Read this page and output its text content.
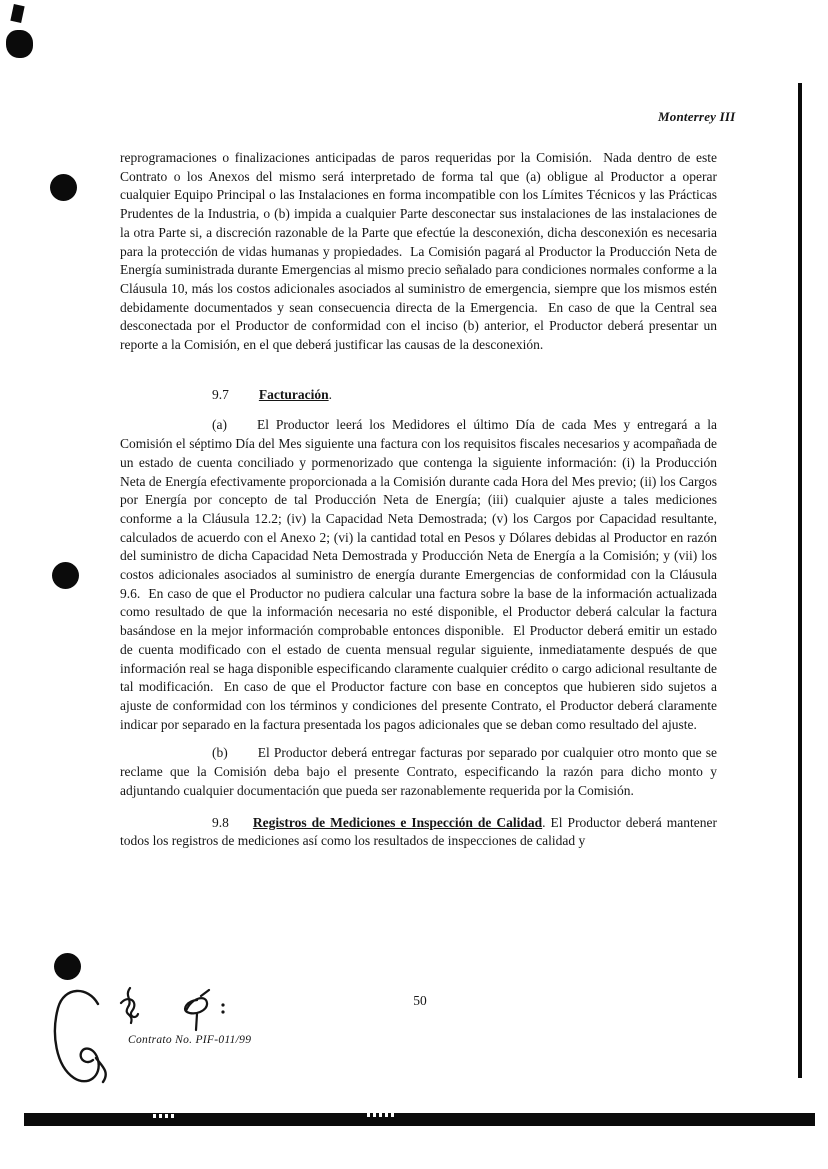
Monterrey III

reprogramaciones o finalizaciones anticipadas de paros requeridas por la Comisión.  Nada dentro de este Contrato o los Anexos del mismo será interpretado de forma tal que (a) obligue al Productor a operar cualquier Equipo Principal o las Instalaciones en forma incompatible con los Límites Técnicos y las Prácticas Prudentes de la Industria, o (b) impida a cualquier Parte desconectar sus instalaciones de las instalaciones de la otra Parte si, a discreción razonable de la Parte que efectúe la desconexión, dicha desconexión es necesaria para la protección de vidas humanas y propiedades.  La Comisión pagará al Productor la Producción Neta de Energía suministrada durante Emergencias al mismo precio señalado para condiciones normales conforme a la Cláusula 10, más los costos adicionales asociados al suministro de emergencia, siempre que los mismos estén debidamente documentados y sean consecuencia directa de la Emergencia.  En caso de que la Central sea desconectada por el Productor de conformidad con el inciso (b) anterior, el Productor deberá presentar un reporte a la Comisión, en el que deberá justificar las causas de la desconexión.

9.7 Facturación.

(a) El Productor leerá los Medidores el último Día de cada Mes y entregará a la Comisión el séptimo Día del Mes siguiente una factura con los requisitos fiscales necesarios y acompañada de un estado de cuenta conciliado y pormenorizado que contenga la siguiente información: (i) la Producción Neta de Energía efectivamente proporcionada a la Comisión durante cada Hora del Mes previo; (ii) los Cargos por Energía por concepto de tal Producción Neta de Energía; (iii) cualquier ajuste a tales mediciones conforme a la Cláusula 12.2; (iv) la Capacidad Neta Demostrada; (v) los Cargos por Capacidad resultante, calculados de acuerdo con el Anexo 2; (vi) la cantidad total en Pesos y Dólares debidas al Productor en razón del suministro de dicha Capacidad Neta Demostrada y Producción Neta de Energía a la Comisión; y (vii) los costos adicionales asociados al suministro de energía durante Emergencias de conformidad con la Cláusula 9.6.  En caso de que el Productor no pudiera calcular una factura sobre la base de la información actualizada como resultado de que la información necesaria no esté disponible, el Productor deberá calcular la factura basándose en la mejor información comprobable entonces disponible.  El Productor deberá emitir un estado de cuenta modificado con el estado de cuenta mensual regular siguiente, inmediatamente después de que información real se haga disponible especificando claramente cualquier crédito o cargo adicional resultante de tal modificación.  En caso de que el Productor facture con base en conceptos que hubieren sido sujetos a ajuste de conformidad con los términos y condiciones del presente Contrato, el Productor deberá claramente indicar por separado en la factura presentada los pagos adicionales que se deban como resultado del ajuste.

(b) El Productor deberá entregar facturas por separado por cualquier otro monto que se reclame que la Comisión deba bajo el presente Contrato, especificando la razón para dicho monto y adjuntando cualquier documentación que pueda ser razonablemente requerida por la Comisión.

9.8 Registros de Mediciones e Inspección de Calidad. El Productor deberá mantener todos los registros de mediciones así como los resultados de inspecciones de calidad y

50
Contrato No. PIF-011/99
